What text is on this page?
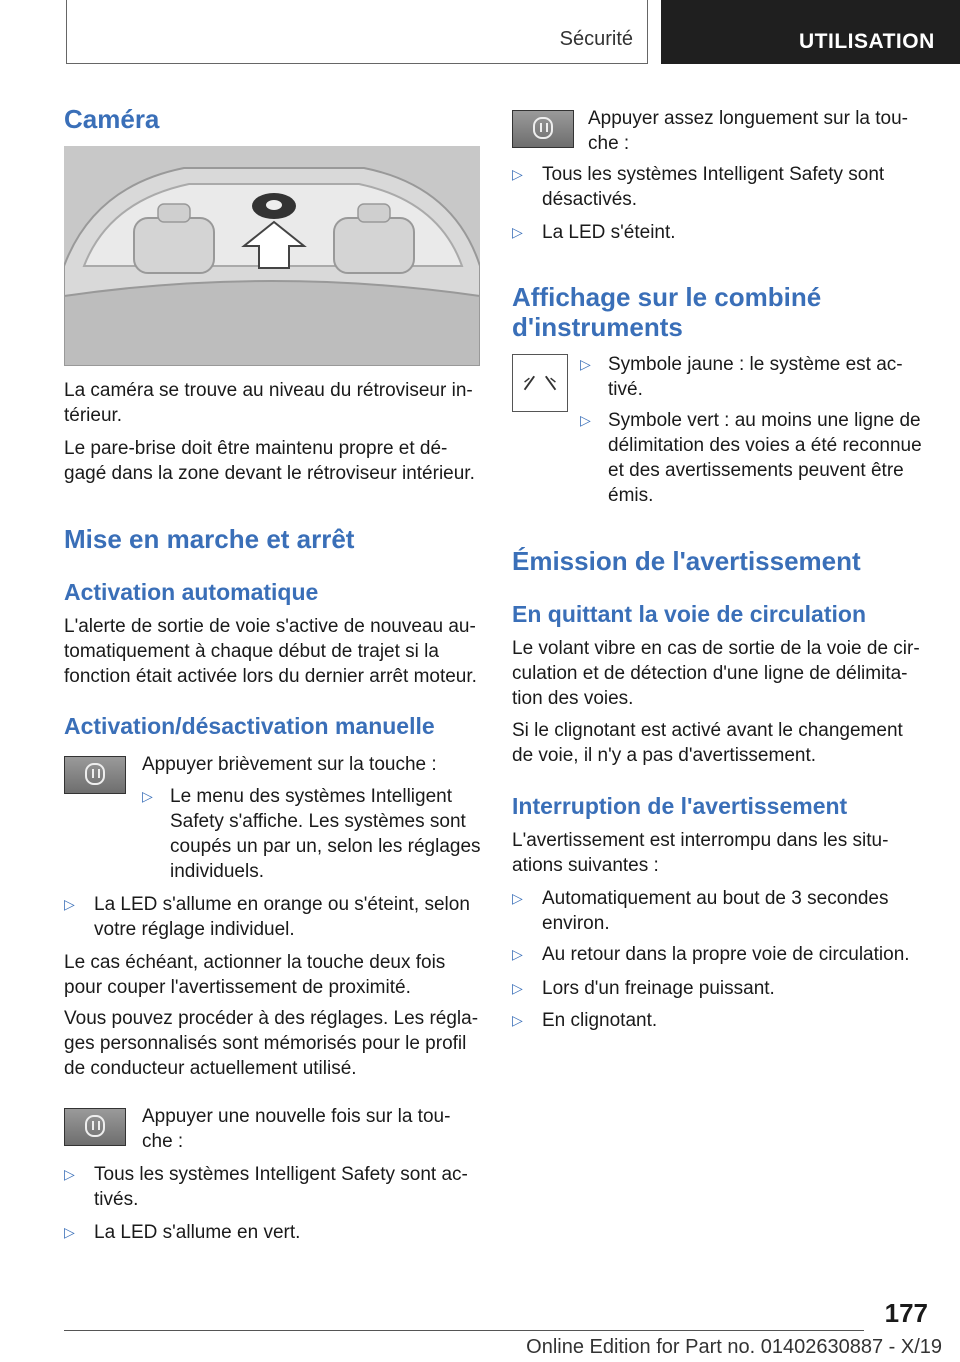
Sécurité	UTILISATION
Caméra

La caméra se trouve au niveau du rétroviseur in-
térieur.

Le pare-brise doit être maintenu propre et dé-
gagé dans la zone devant le rétroviseur intérieur.

Mise en marche et arrêt
Activation automatique

L'alerte de sortie de voie s'active de nouveau au-
tomatiquement à chaque début de trajet si la
fonction était activée lors du dernier arrêt moteur.

Activation/désactivation manuelle

Appuyer brièvement sur la touche :

▷ Le menu des systèmes Intelligent
Safety s'affiche. Les systèmes sont
coupés un par un, selon les réglages
individuels.
▷ La LED s'allume en orange ou s'éteint, selon
votre réglage individuel.

Le cas échéant, actionner la touche deux fois
pour couper l'avertissement de proximité.

Vous pouvez procéder à des réglages. Les régla-
ges personnalisés sont mémorisés pour le profil
de conducteur actuellement utilisé.

Appuyer une nouvelle fois sur la tou-
che :

▷ Tous les systèmes Intelligent Safety sont ac-
tivés.
▷ La LED s'allume en vert.

Appuyer assez longuement sur la tou-
che :

▷ Tous les systèmes Intelligent Safety sont
désactivés.
▷ La LED s'éteint.
Affichage sur le combiné
d'instruments
▷ Symbole jaune : le système est ac-
tivé.
▷ Symbole vert : au moins une ligne de
délimitation des voies a été reconnue
et des avertissements peuvent être
émis.
Émission de l'avertissement
En quittant la voie de circulation

Le volant vibre en cas de sortie de la voie de cir-
culation et de détection d'une ligne de délimita-
tion des voies.

Si le clignotant est activé avant le changement
de voie, il n'y a pas d'avertissement.

Interruption de l'avertissement

L'avertissement est interrompu dans les situ-
ations suivantes :

▷ Automatiquement au bout de 3 secondes
environ.
▷ Au retour dans la propre voie de circulation.
▷ Lors d'un freinage puissant.
▷ En clignotant.
177
Online Edition for Part no. 01402630887 - X/19
